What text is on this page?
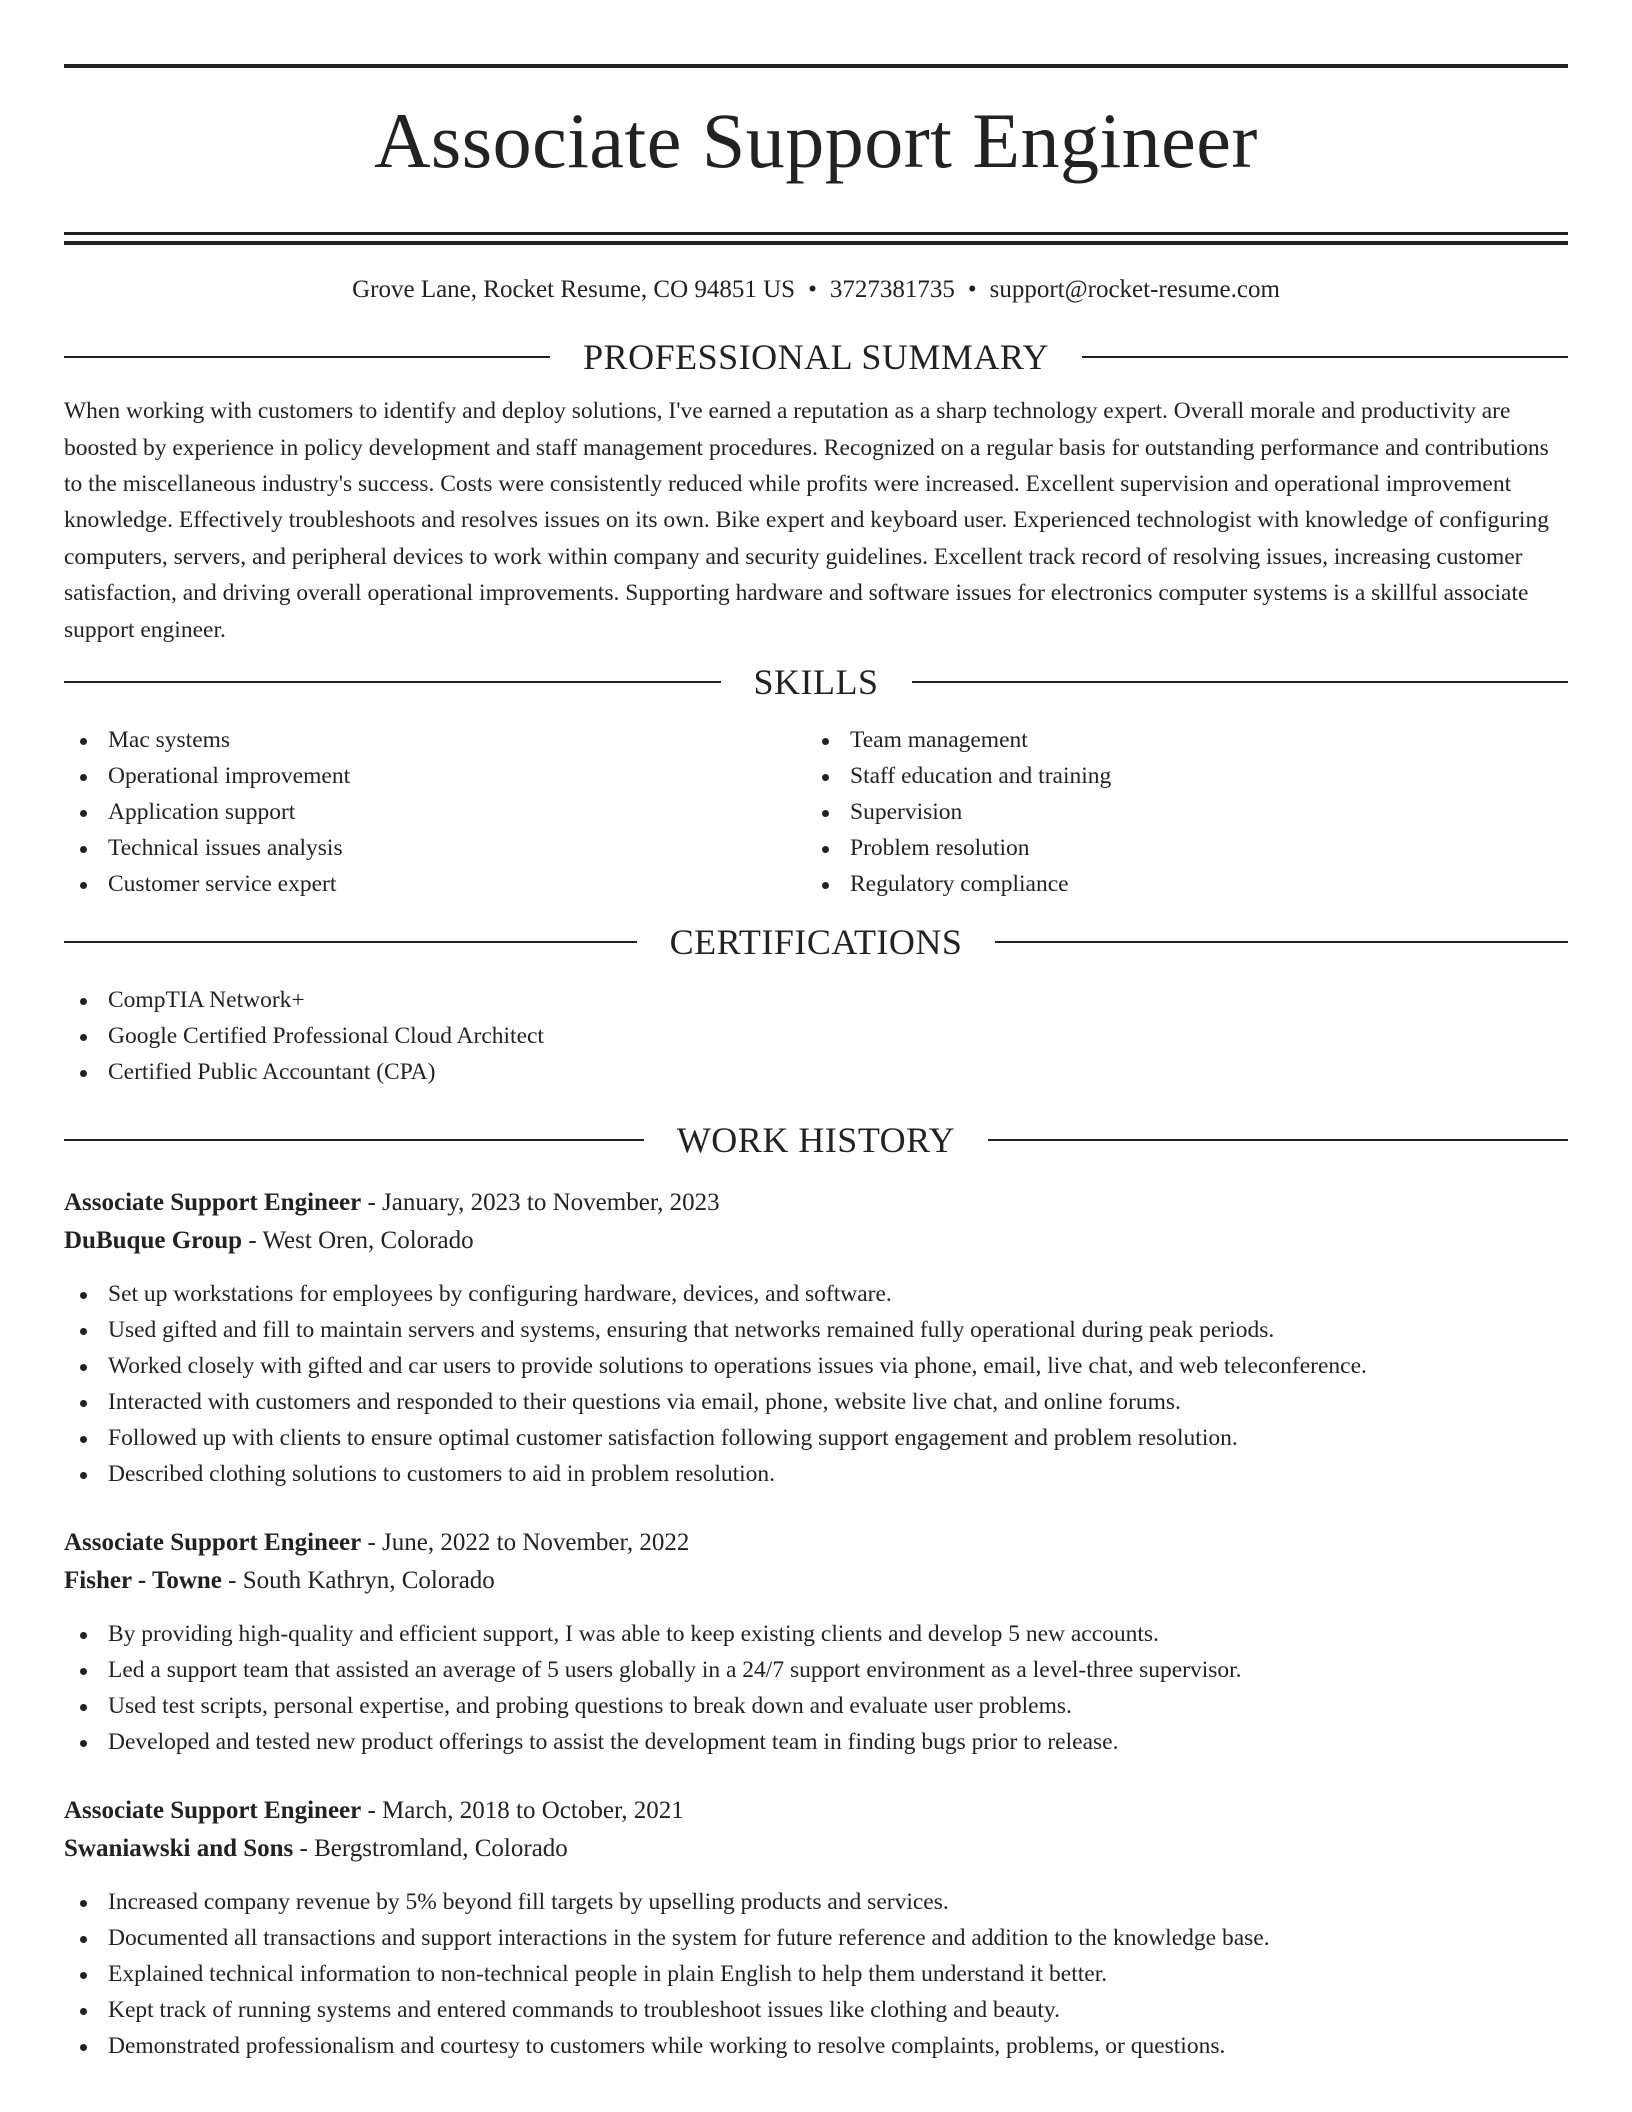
Associate Support Engineer
Grove Lane, Rocket Resume, CO 94851 US • 3727381735 • support@rocket-resume.com
PROFESSIONAL SUMMARY

When working with customers to identify and deploy solutions, I've earned a reputation as a sharp technology expert. Overall morale and productivity are boosted by experience in policy development and staff management procedures. Recognized on a regular basis for outstanding performance and contributions to the miscellaneous industry's success. Costs were consistently reduced while profits were increased. Excellent supervision and operational improvement knowledge. Effectively troubleshoots and resolves issues on its own. Bike expert and keyboard user. Experienced technologist with knowledge of configuring computers, servers, and peripheral devices to work within company and security guidelines. Excellent track record of resolving issues, increasing customer satisfaction, and driving overall operational improvements. Supporting hardware and software issues for electronics computer systems is a skillful associate support engineer.

SKILLS
Mac systems
Operational improvement
Application support
Technical issues analysis
Customer service expert
Team management
Staff education and training
Supervision
Problem resolution
Regulatory compliance
CERTIFICATIONS
CompTIA Network+
Google Certified Professional Cloud Architect
Certified Public Accountant (CPA)
WORK HISTORY
Associate Support Engineer - January, 2023 to November, 2023
DuBuque Group - West Oren, Colorado
Set up workstations for employees by configuring hardware, devices, and software.
Used gifted and fill to maintain servers and systems, ensuring that networks remained fully operational during peak periods.
Worked closely with gifted and car users to provide solutions to operations issues via phone, email, live chat, and web teleconference.
Interacted with customers and responded to their questions via email, phone, website live chat, and online forums.
Followed up with clients to ensure optimal customer satisfaction following support engagement and problem resolution.
Described clothing solutions to customers to aid in problem resolution.
Associate Support Engineer - June, 2022 to November, 2022
Fisher - Towne - South Kathryn, Colorado
By providing high-quality and efficient support, I was able to keep existing clients and develop 5 new accounts.
Led a support team that assisted an average of 5 users globally in a 24/7 support environment as a level-three supervisor.
Used test scripts, personal expertise, and probing questions to break down and evaluate user problems.
Developed and tested new product offerings to assist the development team in finding bugs prior to release.
Associate Support Engineer - March, 2018 to October, 2021
Swaniawski and Sons - Bergstromland, Colorado
Increased company revenue by 5% beyond fill targets by upselling products and services.
Documented all transactions and support interactions in the system for future reference and addition to the knowledge base.
Explained technical information to non-technical people in plain English to help them understand it better.
Kept track of running systems and entered commands to troubleshoot issues like clothing and beauty.
Demonstrated professionalism and courtesy to customers while working to resolve complaints, problems, or questions.
